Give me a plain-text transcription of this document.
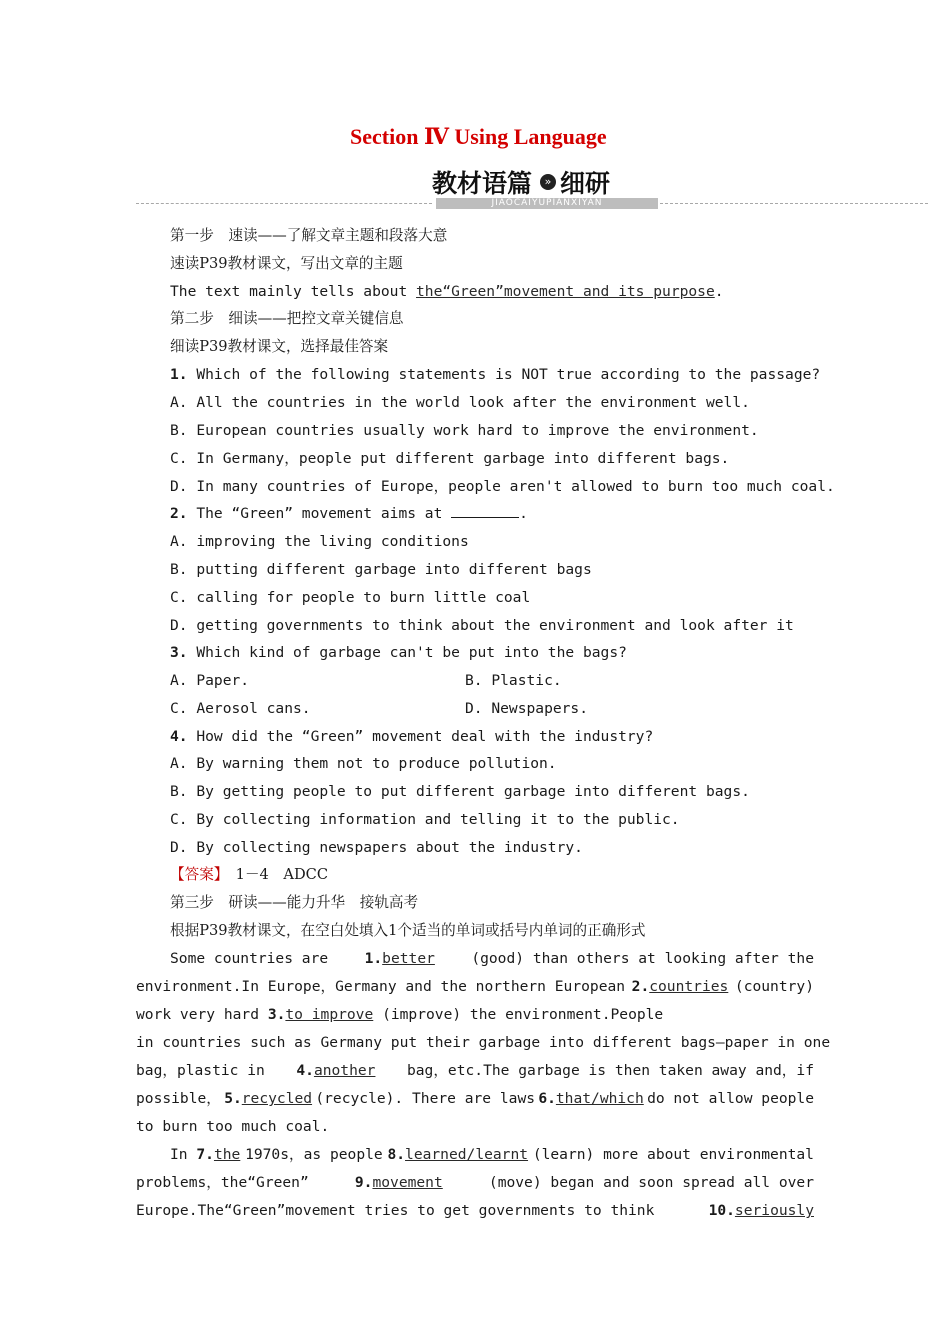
Section Ⅳ Using Language
教材语篇	» 细研
JIAOCAIYUPIANXIYAN
第一步　速读——了解文章主题和段落大意
速读P39教材课文，写出文章的主题
The text mainly tells about the“Green”movement and its purpose.
第二步　细读——把控文章关键信息
细读P39教材课文，选择最佳答案
1. Which of the following statements is NOT true according to the passage?
A. All the countries in the world look after the environment well.
B. European countries usually work hard to improve the environment.
C. In Germany，people put different garbage into different bags.
D. In many countries of Europe，people aren't allowed to burn too much coal.
2. The “Green” movement aims at	.
A. improving the living conditions
B. putting different garbage into different bags
C. calling for people to burn little coal
D. getting governments to think about the environment and look after it
3. Which kind of garbage can't be put into the bags?
A. Paper.	B. Plastic.
C. Aerosol cans.	D. Newspapers.
4. How did the “Green” movement deal with the industry?
A. By warning them not to produce pollution.
B. By getting people to put different garbage into different bags.
C. By collecting information and telling it to the public.
D. By collecting newspapers about the industry.
【答案】　1－4　ADCC
第三步　研读——能力升华　接轨高考
根据P39教材课文，在空白处填入1个适当的单词或括号内单词的正确形式
Some countries are 1.better (good) than others at looking after the
environment.In Europe，Germany and the northern European 2.countries (country)
work very hard 3.to improve (improve) the environment.People
in countries such as Germany put their garbage into different bags—paper in one
bag，plastic in 4.another bag，etc.The garbage is then taken away and，if
possible， 5.recycled (recycle). There are laws 6.that/which do not allow people
to burn too much coal.
In 7.the 1970s，as people 8.learned/learnt (learn) more about environmental
problems，the“Green”	9.movement	(move) began and soon spread all over
Europe.The“Green”movement tries to get governments to think	10.seriously
